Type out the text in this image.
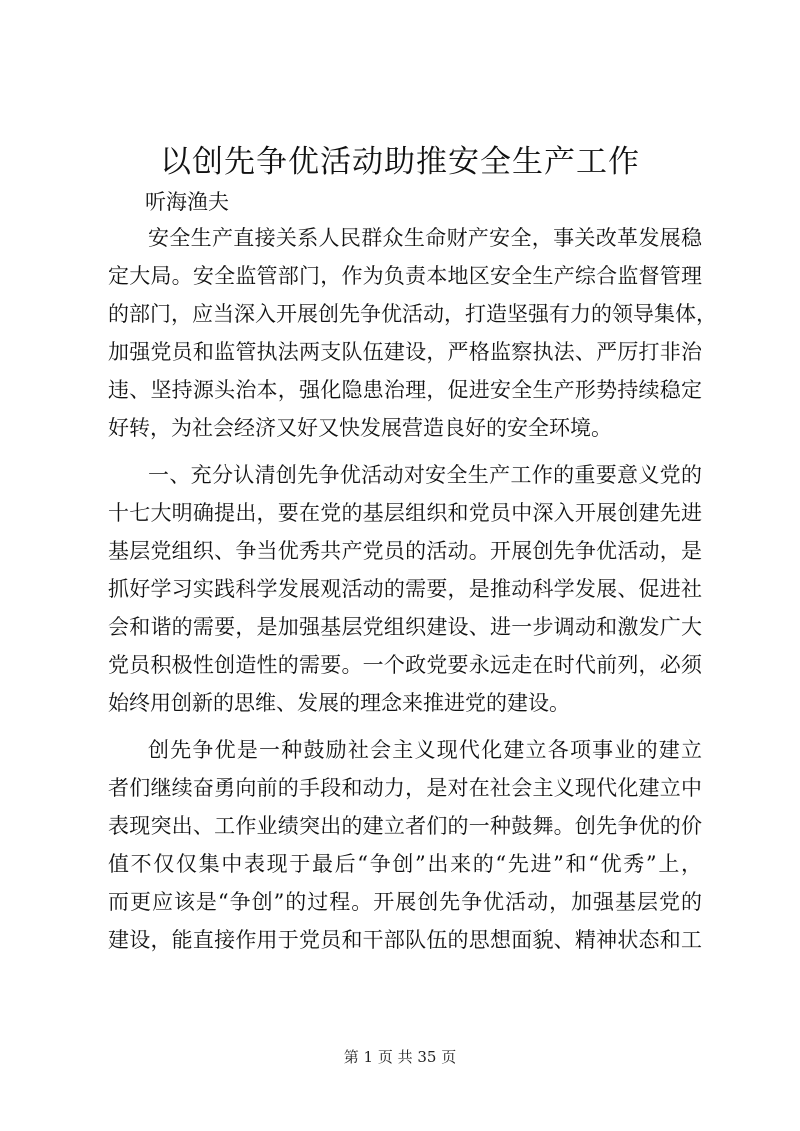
以创先争优活动助推安全生产工作

听海渔夫

安全生产直接关系人民群众生命财产安全，事关改革发展稳
定大局。安全监管部门，作为负责本地区安全生产综合监督管理
的部门，应当深入开展创先争优活动，打造坚强有力的领导集体，
加强党员和监管执法两支队伍建设，严格监察执法、严厉打非治
违、坚持源头治本，强化隐患治理，促进安全生产形势持续稳定
好转，为社会经济又好又快发展营造良好的安全环境。
一、充分认清创先争优活动对安全生产工作的重要意义党的
十七大明确提出，要在党的基层组织和党员中深入开展创建先进
基层党组织、争当优秀共产党员的活动。开展创先争优活动，是
抓好学习实践科学发展观活动的需要，是推动科学发展、促进社
会和谐的需要，是加强基层党组织建设、进一步调动和激发广大
党员积极性创造性的需要。一个政党要永远走在时代前列，必须
始终用创新的思维、发展的理念来推进党的建设。
创先争优是一种鼓励社会主义现代化建立各项事业的建立
者们继续奋勇向前的手段和动力，是对在社会主义现代化建立中
表现突出、工作业绩突出的建立者们的一种鼓舞。创先争优的价
值不仅仅集中表现于最后“争创”出来的“先进”和“优秀”上，
而更应该是“争创”的过程。开展创先争优活动，加强基层党的
建设，能直接作用于党员和干部队伍的思想面貌、精神状态和工
第 1 页 共 35 页
